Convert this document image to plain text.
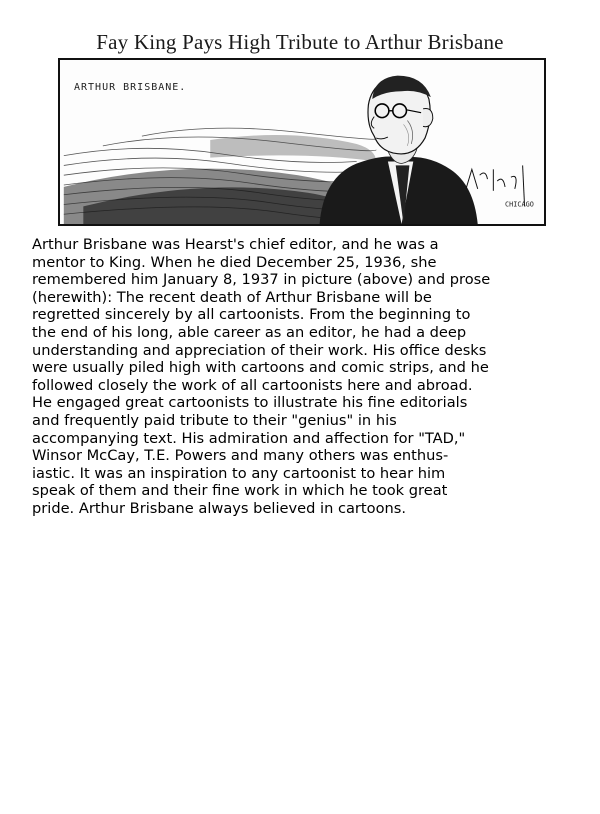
Fay King Pays High Tribute to Arthur Brisbane
CHICAGO
ARTHUR BRISBANE.
Arthur Brisbane was Hearst's chief editor, and he was a
mentor to King. When he died December 25, 1936, she
remembered him January 8, 1937 in picture (above) and prose
(herewith): The recent death of Arthur Brisbane will be
regretted sincerely by all cartoonists. From the beginning to
the end of his long, able career as an editor, he had a deep
understanding and appreciation of their work. His office desks
were usually piled high with cartoons and comic strips, and he
followed closely the work of all cartoonists here and abroad.
He engaged great cartoonists to illustrate his fine editorials
and frequently paid tribute to their "genius" in his
accompanying text. His admiration and affection for "TAD,"
Winsor McCay, T.E. Powers and many others was enthus-
iastic. It was an inspiration to any cartoonist to hear him
speak of them and their fine work in which he took great
pride. Arthur Brisbane always believed in cartoons.
